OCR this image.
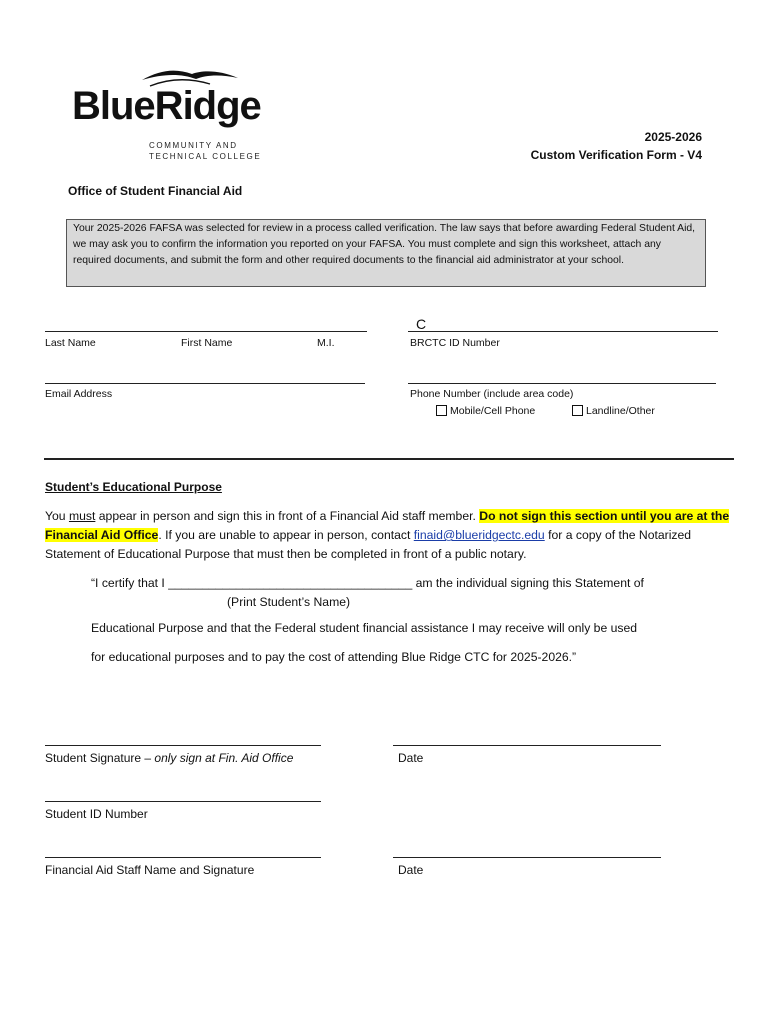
BlueRidge
COMMUNITY AND
TECHNICAL COLLEGE
2025-2026
Custom Verification Form - V4
Office of Student Financial Aid
Your 2025-2026 FAFSA was selected for review in a process called verification. The law says that before awarding Federal Student Aid, we may ask you to confirm the information you reported on your FAFSA. You must complete and sign this worksheet, attach any required documents, and submit the form and other required documents to the financial aid administrator at your school.
Last Name	First Name	M.I.
C
BRCTC ID Number
Email Address	Phone Number (include area code)
Mobile/Cell Phone	Landline/Other
Student’s Educational Purpose
You must appear in person and sign this in front of a Financial Aid staff member. Do not sign this section until you are at the Financial Aid Office. If you are unable to appear in person, contact finaid@blueridgectc.edu for a copy of the Notarized Statement of Educational Purpose that must then be completed in front of a public notary.
“I certify that I ____________________________________ am the individual signing this Statement of
(Print Student’s Name)
Educational Purpose and that the Federal student financial assistance I may receive will only be used
for educational purposes and to pay the cost of attending Blue Ridge CTC for 2025-2026.”
Student Signature – only sign at Fin. Aid Office	Date
Student ID Number
Financial Aid Staff Name and Signature	Date
